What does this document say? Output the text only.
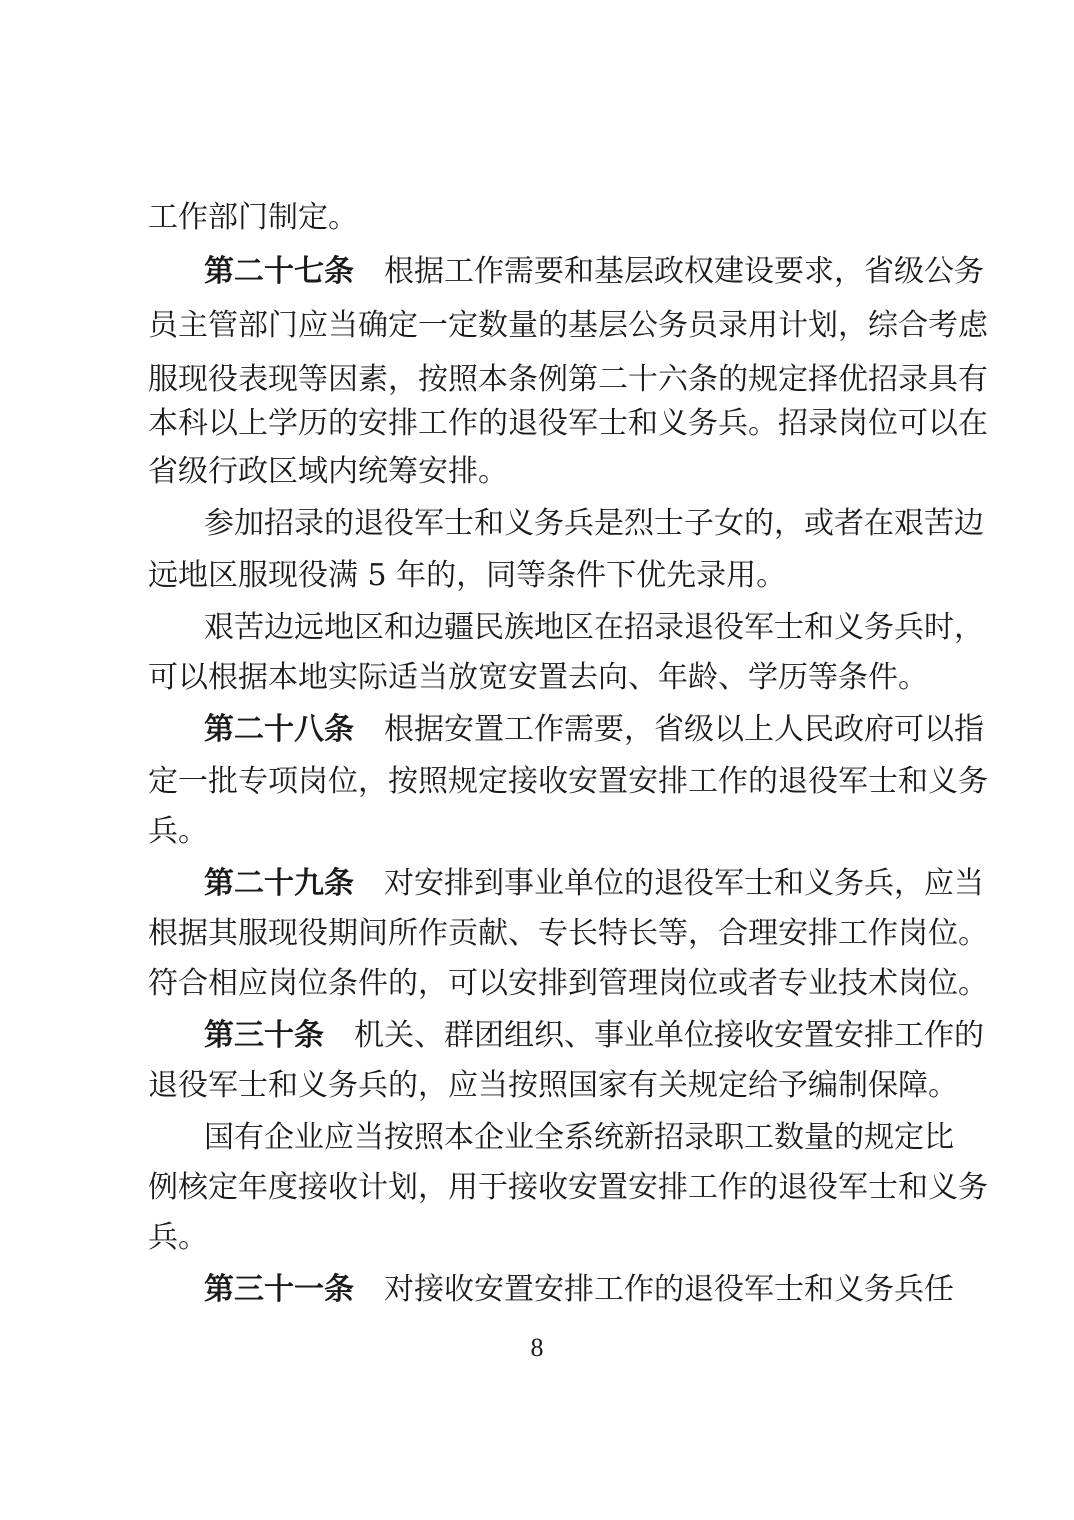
工作部门制定。
第二十七条 根据工作需要和基层政权建设要求，省级公务
员主管部门应当确定一定数量的基层公务员录用计划，综合考虑
服现役表现等因素，按照本条例第二十六条的规定择优招录具有
本科以上学历的安排工作的退役军士和义务兵。招录岗位可以在
省级行政区域内统筹安排。
参加招录的退役军士和义务兵是烈士子女的，或者在艰苦边
远地区服现役满 5 年的，同等条件下优先录用。
艰苦边远地区和边疆民族地区在招录退役军士和义务兵时，
可以根据本地实际适当放宽安置去向、年龄、学历等条件。
第二十八条 根据安置工作需要，省级以上人民政府可以指
定一批专项岗位，按照规定接收安置安排工作的退役军士和义务
兵。
第二十九条 对安排到事业单位的退役军士和义务兵，应当
根据其服现役期间所作贡献、专长特长等，合理安排工作岗位。
符合相应岗位条件的，可以安排到管理岗位或者专业技术岗位。
第三十条 机关、群团组织、事业单位接收安置安排工作的
退役军士和义务兵的，应当按照国家有关规定给予编制保障。
国有企业应当按照本企业全系统新招录职工数量的规定比
例核定年度接收计划，用于接收安置安排工作的退役军士和义务
兵。
第三十一条 对接收安置安排工作的退役军士和义务兵任
8
